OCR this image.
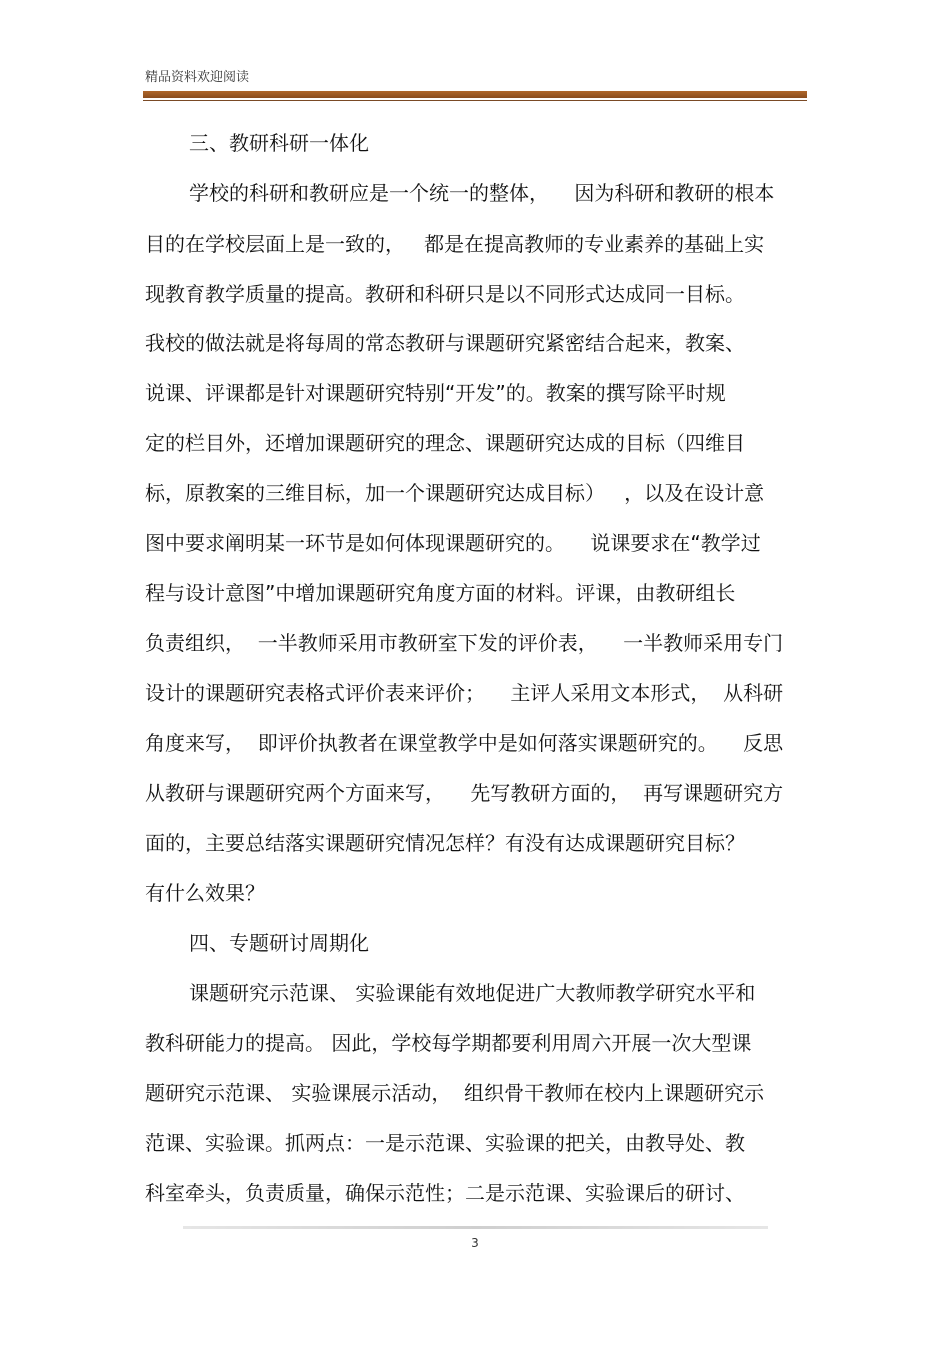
精品资料欢迎阅读
三、教研科研一体化
学校的科研和教研应是一个统一的整体，    因为科研和教研的根本
目的在学校层面上是一致的，   都是在提高教师的专业素养的基础上实
现教育教学质量的提高。教研和科研只是以不同形式达成同一目标。
我校的做法就是将每周的常态教研与课题研究紧密结合起来，教案、
说课、评课都是针对课题研究特别“开发”的。教案的撰写除平时规
定的栏目外，还增加课题研究的理念、课题研究达成的目标（四维目
标，原教案的三维目标，加一个课题研究达成目标）   ，以及在设计意
图中要求阐明某一环节是如何体现课题研究的。    说课要求在“教学过
程与设计意图”中增加课题研究角度方面的材料。评课，由教研组长
负责组织，  一半教师采用市教研室下发的评价表，    一半教师采用专门
设计的课题研究表格式评价表来评价；    主评人采用文本形式，  从科研
角度来写，  即评价执教者在课堂教学中是如何落实课题研究的。    反思
从教研与课题研究两个方面来写，    先写教研方面的，  再写课题研究方
面的，主要总结落实课题研究情况怎样？有没有达成课题研究目标？
有什么效果？
四、专题研讨周期化
课题研究示范课、 实验课能有效地促进广大教师教学研究水平和
教科研能力的提高。 因此，学校每学期都要利用周六开展一次大型课
题研究示范课、 实验课展示活动，  组织骨干教师在校内上课题研究示
范课、实验课。抓两点：一是示范课、实验课的把关，由教导处、教
科室牵头，负责质量，确保示范性；二是示范课、实验课后的研讨、
3
